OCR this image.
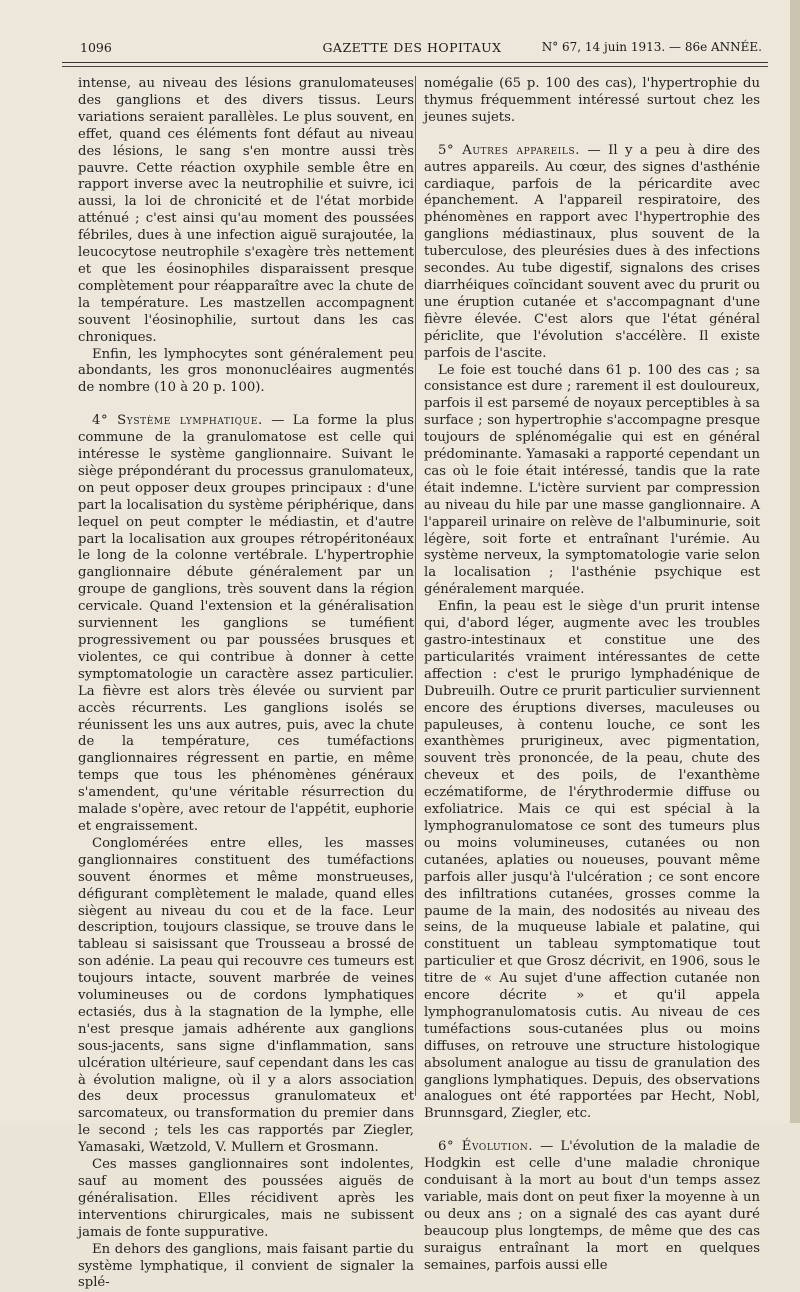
1096	GAZETTE DES HOPITAUX	N° 67, 14 juin 1913. — 86e ANNÉE.

intense, au niveau des lésions granulomateuses des ganglions et des divers tissus. Leurs variations seraient parallèles. Le plus souvent, en effet, quand ces éléments font défaut au niveau des lésions, le sang s'en montre aussi très pauvre. Cette réaction oxyphile semble être en rapport inverse avec la neutrophilie et suivre, ici aussi, la loi de chronicité et de l'état morbide atténué ; c'est ainsi qu'au moment des poussées fébriles, dues à une infection aiguë surajoutée, la leucocytose neutrophile s'exagère très nettement et que les éosinophiles disparaissent presque complètement pour réapparaître avec la chute de la température. Les mastzellen accompagnent souvent l'éosinophilie, surtout dans les cas chroniques.

Enfin, les lymphocytes sont généralement peu abondants, les gros mononucléaires augmentés de nombre (10 à 20 p. 100).

4° Système lymphatique. — La forme la plus commune de la granulomatose est celle qui intéresse le système ganglionnaire. Suivant le siège prépondérant du processus granulomateux, on peut opposer deux groupes principaux : d'une part la localisation du système périphérique, dans lequel on peut compter le médiastin, et d'autre part la localisation aux groupes rétropéritonéaux le long de la colonne vertébrale. L'hypertrophie ganglionnaire débute généralement par un groupe de ganglions, très souvent dans la région cervicale. Quand l'extension et la généralisation surviennent les ganglions se tuméfient progressivement ou par poussées brusques et violentes, ce qui contribue à donner à cette symptomatologie un caractère assez particulier. La fièvre est alors très élevée ou survient par accès récurrents. Les ganglions isolés se réunissent les uns aux autres, puis, avec la chute de la température, ces tuméfactions ganglionnaires régressent en partie, en même temps que tous les phénomènes généraux s'amendent, qu'une véritable résurrection du malade s'opère, avec retour de l'appétit, euphorie et engraissement.

Conglomérées entre elles, les masses ganglionnaires constituent des tuméfactions souvent énormes et même monstrueuses, défigurant complètement le malade, quand elles siègent au niveau du cou et de la face. Leur description, toujours classique, se trouve dans le tableau si saisissant que Trousseau a brossé de son adénie. La peau qui recouvre ces tumeurs est toujours intacte, souvent marbrée de veines volumineuses ou de cordons lymphatiques ectasiés, dus à la stagnation de la lymphe, elle n'est presque jamais adhérente aux ganglions sous-jacents, sans signe d'inflammation, sans ulcération ultérieure, sauf cependant dans les cas à évolution maligne, où il y a alors association des deux processus granulomateux et sarcomateux, ou transformation du premier dans le second ; tels les cas rapportés par Ziegler, Yamasaki, Wætzold, V. Mullern et Grosmann.

Ces masses ganglionnaires sont indolentes, sauf au moment des poussées aiguës de généralisation. Elles récidivent après les interventions chirurgicales, mais ne subissent jamais de fonte suppurative.

En dehors des ganglions, mais faisant partie du système lymphatique, il convient de signaler la splé-

nomégalie (65 p. 100 des cas), l'hypertrophie du thymus fréquemment intéressé surtout chez les jeunes sujets.

5° Autres appareils. — Il y a peu à dire des autres appareils. Au cœur, des signes d'asthénie cardiaque, parfois de la péricardite avec épanchement. A l'appareil respiratoire, des phénomènes en rapport avec l'hypertrophie des ganglions médiastinaux, plus souvent de la tuberculose, des pleurésies dues à des infections secondes. Au tube digestif, signalons des crises diarrhéiques coïncidant souvent avec du prurit ou une éruption cutanée et s'accompagnant d'une fièvre élevée. C'est alors que l'état général périclite, que l'évolution s'accélère. Il existe parfois de l'ascite.

Le foie est touché dans 61 p. 100 des cas ; sa consistance est dure ; rarement il est douloureux, parfois il est parsemé de noyaux perceptibles à sa surface ; son hypertrophie s'accompagne presque toujours de splénomégalie qui est en général prédominante. Yamasaki a rapporté cependant un cas où le foie était intéressé, tandis que la rate était indemne. L'ictère survient par compression au niveau du hile par une masse ganglionnaire. A l'appareil urinaire on relève de l'albuminurie, soit légère, soit forte et entraînant l'urémie. Au système nerveux, la symptomatologie varie selon la localisation ; l'asthénie psychique est généralement marquée.

Enfin, la peau est le siège d'un prurit intense qui, d'abord léger, augmente avec les troubles gastro-intestinaux et constitue une des particularités vraiment intéressantes de cette affection : c'est le prurigo lymphadénique de Dubreuilh. Outre ce prurit particulier surviennent encore des éruptions diverses, maculeuses ou papuleuses, à contenu louche, ce sont les exanthèmes prurigineux, avec pigmentation, souvent très prononcée, de la peau, chute des cheveux et des poils, de l'exanthème eczématiforme, de l'érythrodermie diffuse ou exfoliatrice. Mais ce qui est spécial à la lymphogranulomatose ce sont des tumeurs plus ou moins volumineuses, cutanées ou non cutanées, aplaties ou noueuses, pouvant même parfois aller jusqu'à l'ulcération ; ce sont encore des infiltrations cutanées, grosses comme la paume de la main, des nodosités au niveau des seins, de la muqueuse labiale et palatine, qui constituent un tableau symptomatique tout particulier et que Grosz décrivit, en 1906, sous le titre de « Au sujet d'une affection cutanée non encore décrite » et qu'il appela lymphogranulomatosis cutis. Au niveau de ces tuméfactions sous-cutanées plus ou moins diffuses, on retrouve une structure histologique absolument analogue au tissu de granulation des ganglions lymphatiques. Depuis, des observations analogues ont été rapportées par Hecht, Nobl, Brunnsgard, Ziegler, etc.

6° Évolution. — L'évolution de la maladie de Hodgkin est celle d'une maladie chronique conduisant à la mort au bout d'un temps assez variable, mais dont on peut fixer la moyenne à un ou deux ans ; on a signalé des cas ayant duré beaucoup plus longtemps, de même que des cas suraigus entraînant la mort en quelques semaines, parfois aussi elle
